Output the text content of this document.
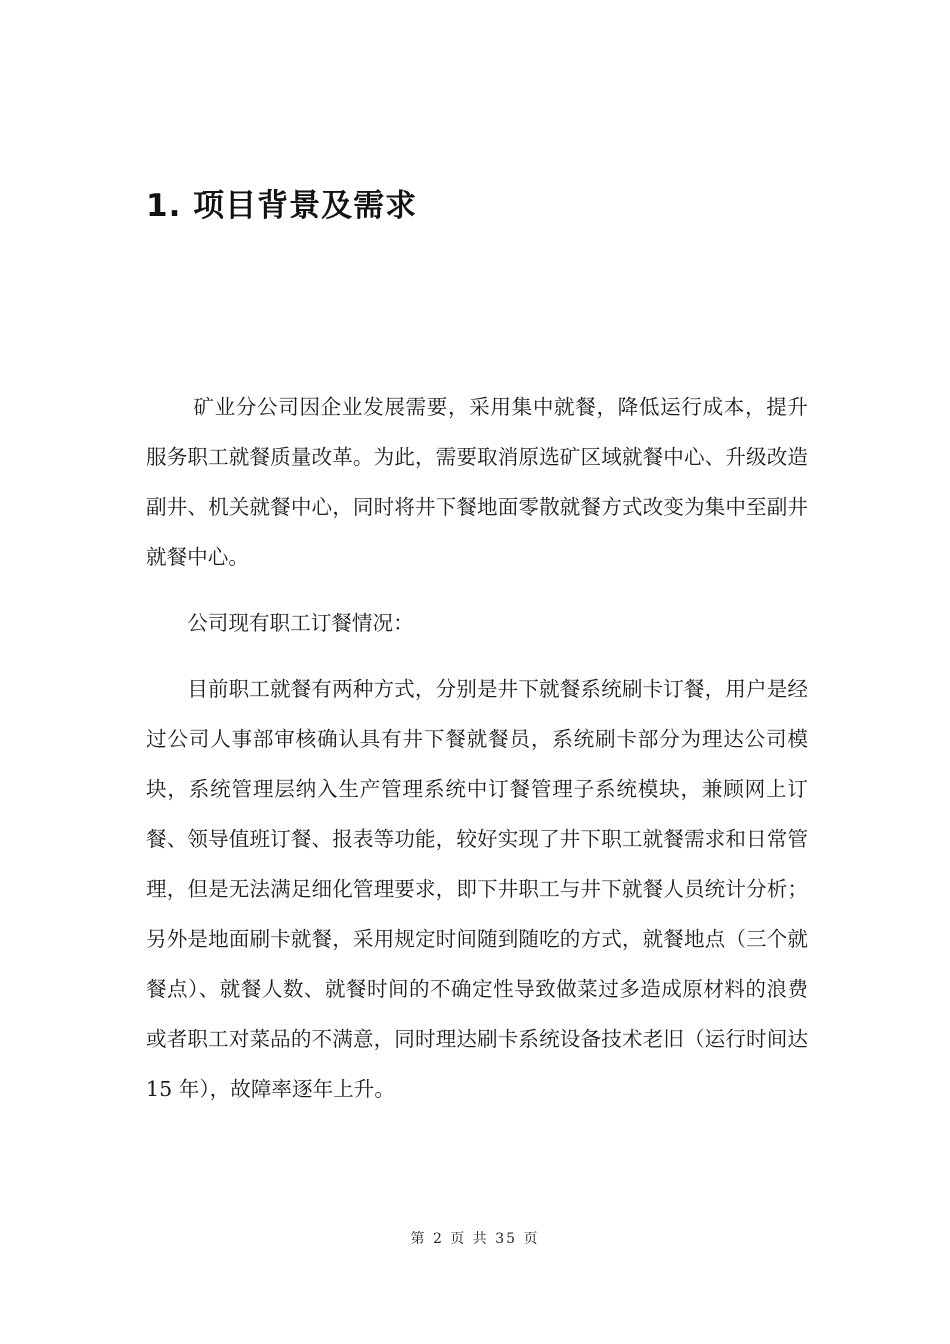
1. 项目背景及需求

矿业分公司因企业发展需要，采用集中就餐，降低运行成本，提升服务职工就餐质量改革。为此，需要取消原选矿区域就餐中心、升级改造副井、机关就餐中心，同时将井下餐地面零散就餐方式改变为集中至副井就餐中心。

公司现有职工订餐情况：

目前职工就餐有两种方式，分别是井下就餐系统刷卡订餐，用户是经过公司人事部审核确认具有井下餐就餐员，系统刷卡部分为理达公司模块，系统管理层纳入生产管理系统中订餐管理子系统模块，兼顾网上订餐、领导值班订餐、报表等功能，较好实现了井下职工就餐需求和日常管理，但是无法满足细化管理要求，即下井职工与井下就餐人员统计分析；另外是地面刷卡就餐，采用规定时间随到随吃的方式，就餐地点（三个就餐点）、就餐人数、就餐时间的不确定性导致做菜过多造成原材料的浪费或者职工对菜品的不满意，同时理达刷卡系统设备技术老旧（运行时间达 15 年），故障率逐年上升。

第 2 页 共 35 页
